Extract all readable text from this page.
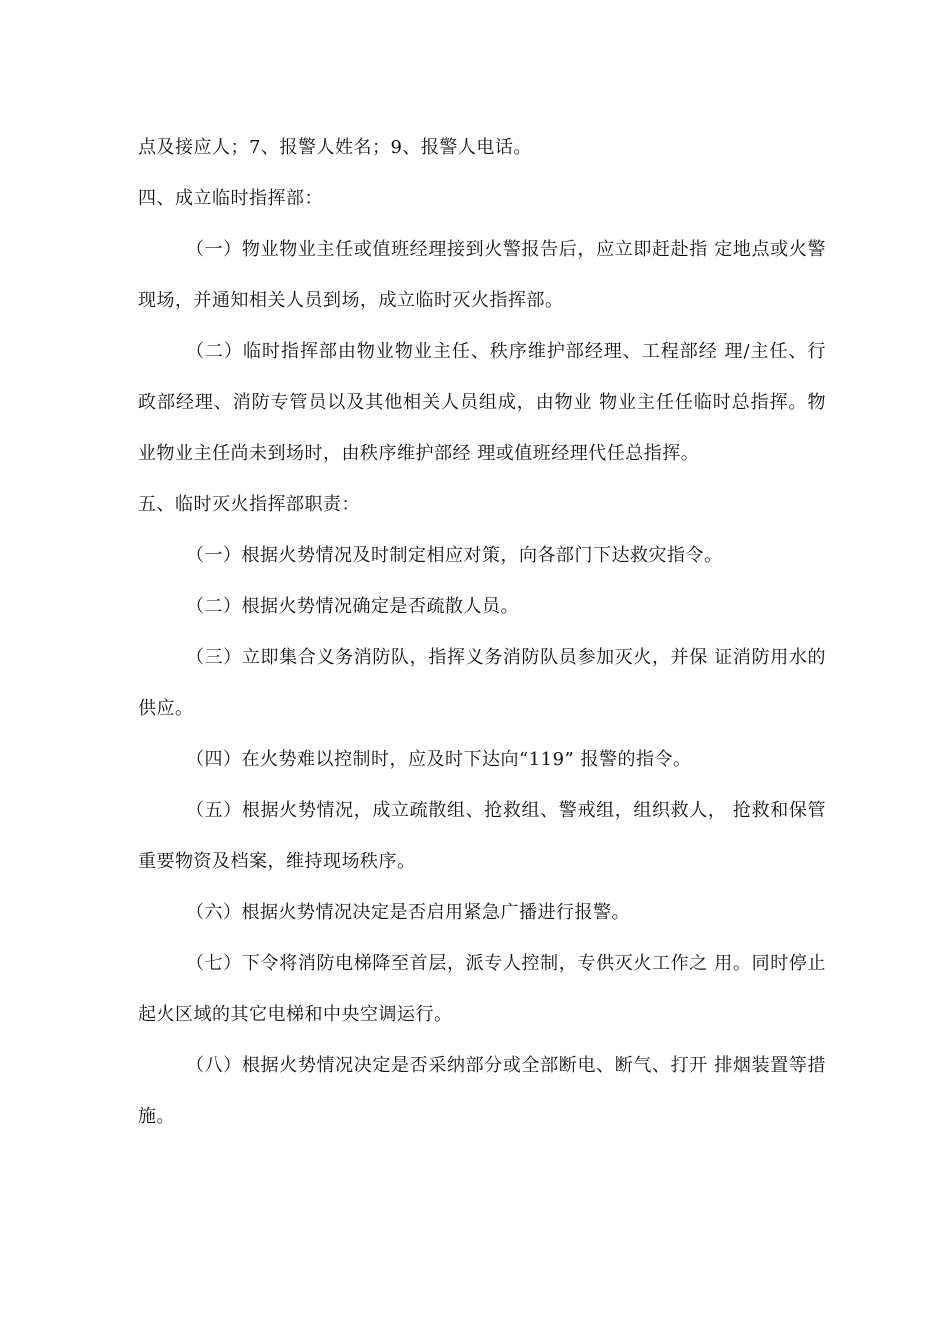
点及接应人；7、报警人姓名；9、报警人电话。

四、成立临时指挥部：

（一）物业物业主任或值班经理接到火警报告后，应立即赶赴指 定地点或火警现场，并通知相关人员到场，成立临时灭火指挥部。

（二）临时指挥部由物业物业主任、秩序维护部经理、工程部经 理/主任、行政部经理、消防专管员以及其他相关人员组成，由物业 物业主任任临时总指挥。物业物业主任尚未到场时，由秩序维护部经 理或值班经理代任总指挥。

五、临时灭火指挥部职责：

（一）根据火势情况及时制定相应对策，向各部门下达救灾指令。

（二）根据火势情况确定是否疏散人员。

（三）立即集合义务消防队，指挥义务消防队员参加灭火，并保 证消防用水的供应。

（四）在火势难以控制时，应及时下达向“119” 报警的指令。

（五）根据火势情况，成立疏散组、抢救组、警戒组，组织救人， 抢救和保管重要物资及档案，维持现场秩序。

（六）根据火势情况决定是否启用紧急广播进行报警。

（七）下令将消防电梯降至首层，派专人控制，专供灭火工作之 用。同时停止起火区域的其它电梯和中央空调运行。

（八）根据火势情况决定是否采纳部分或全部断电、断气、打开 排烟装置等措施。
